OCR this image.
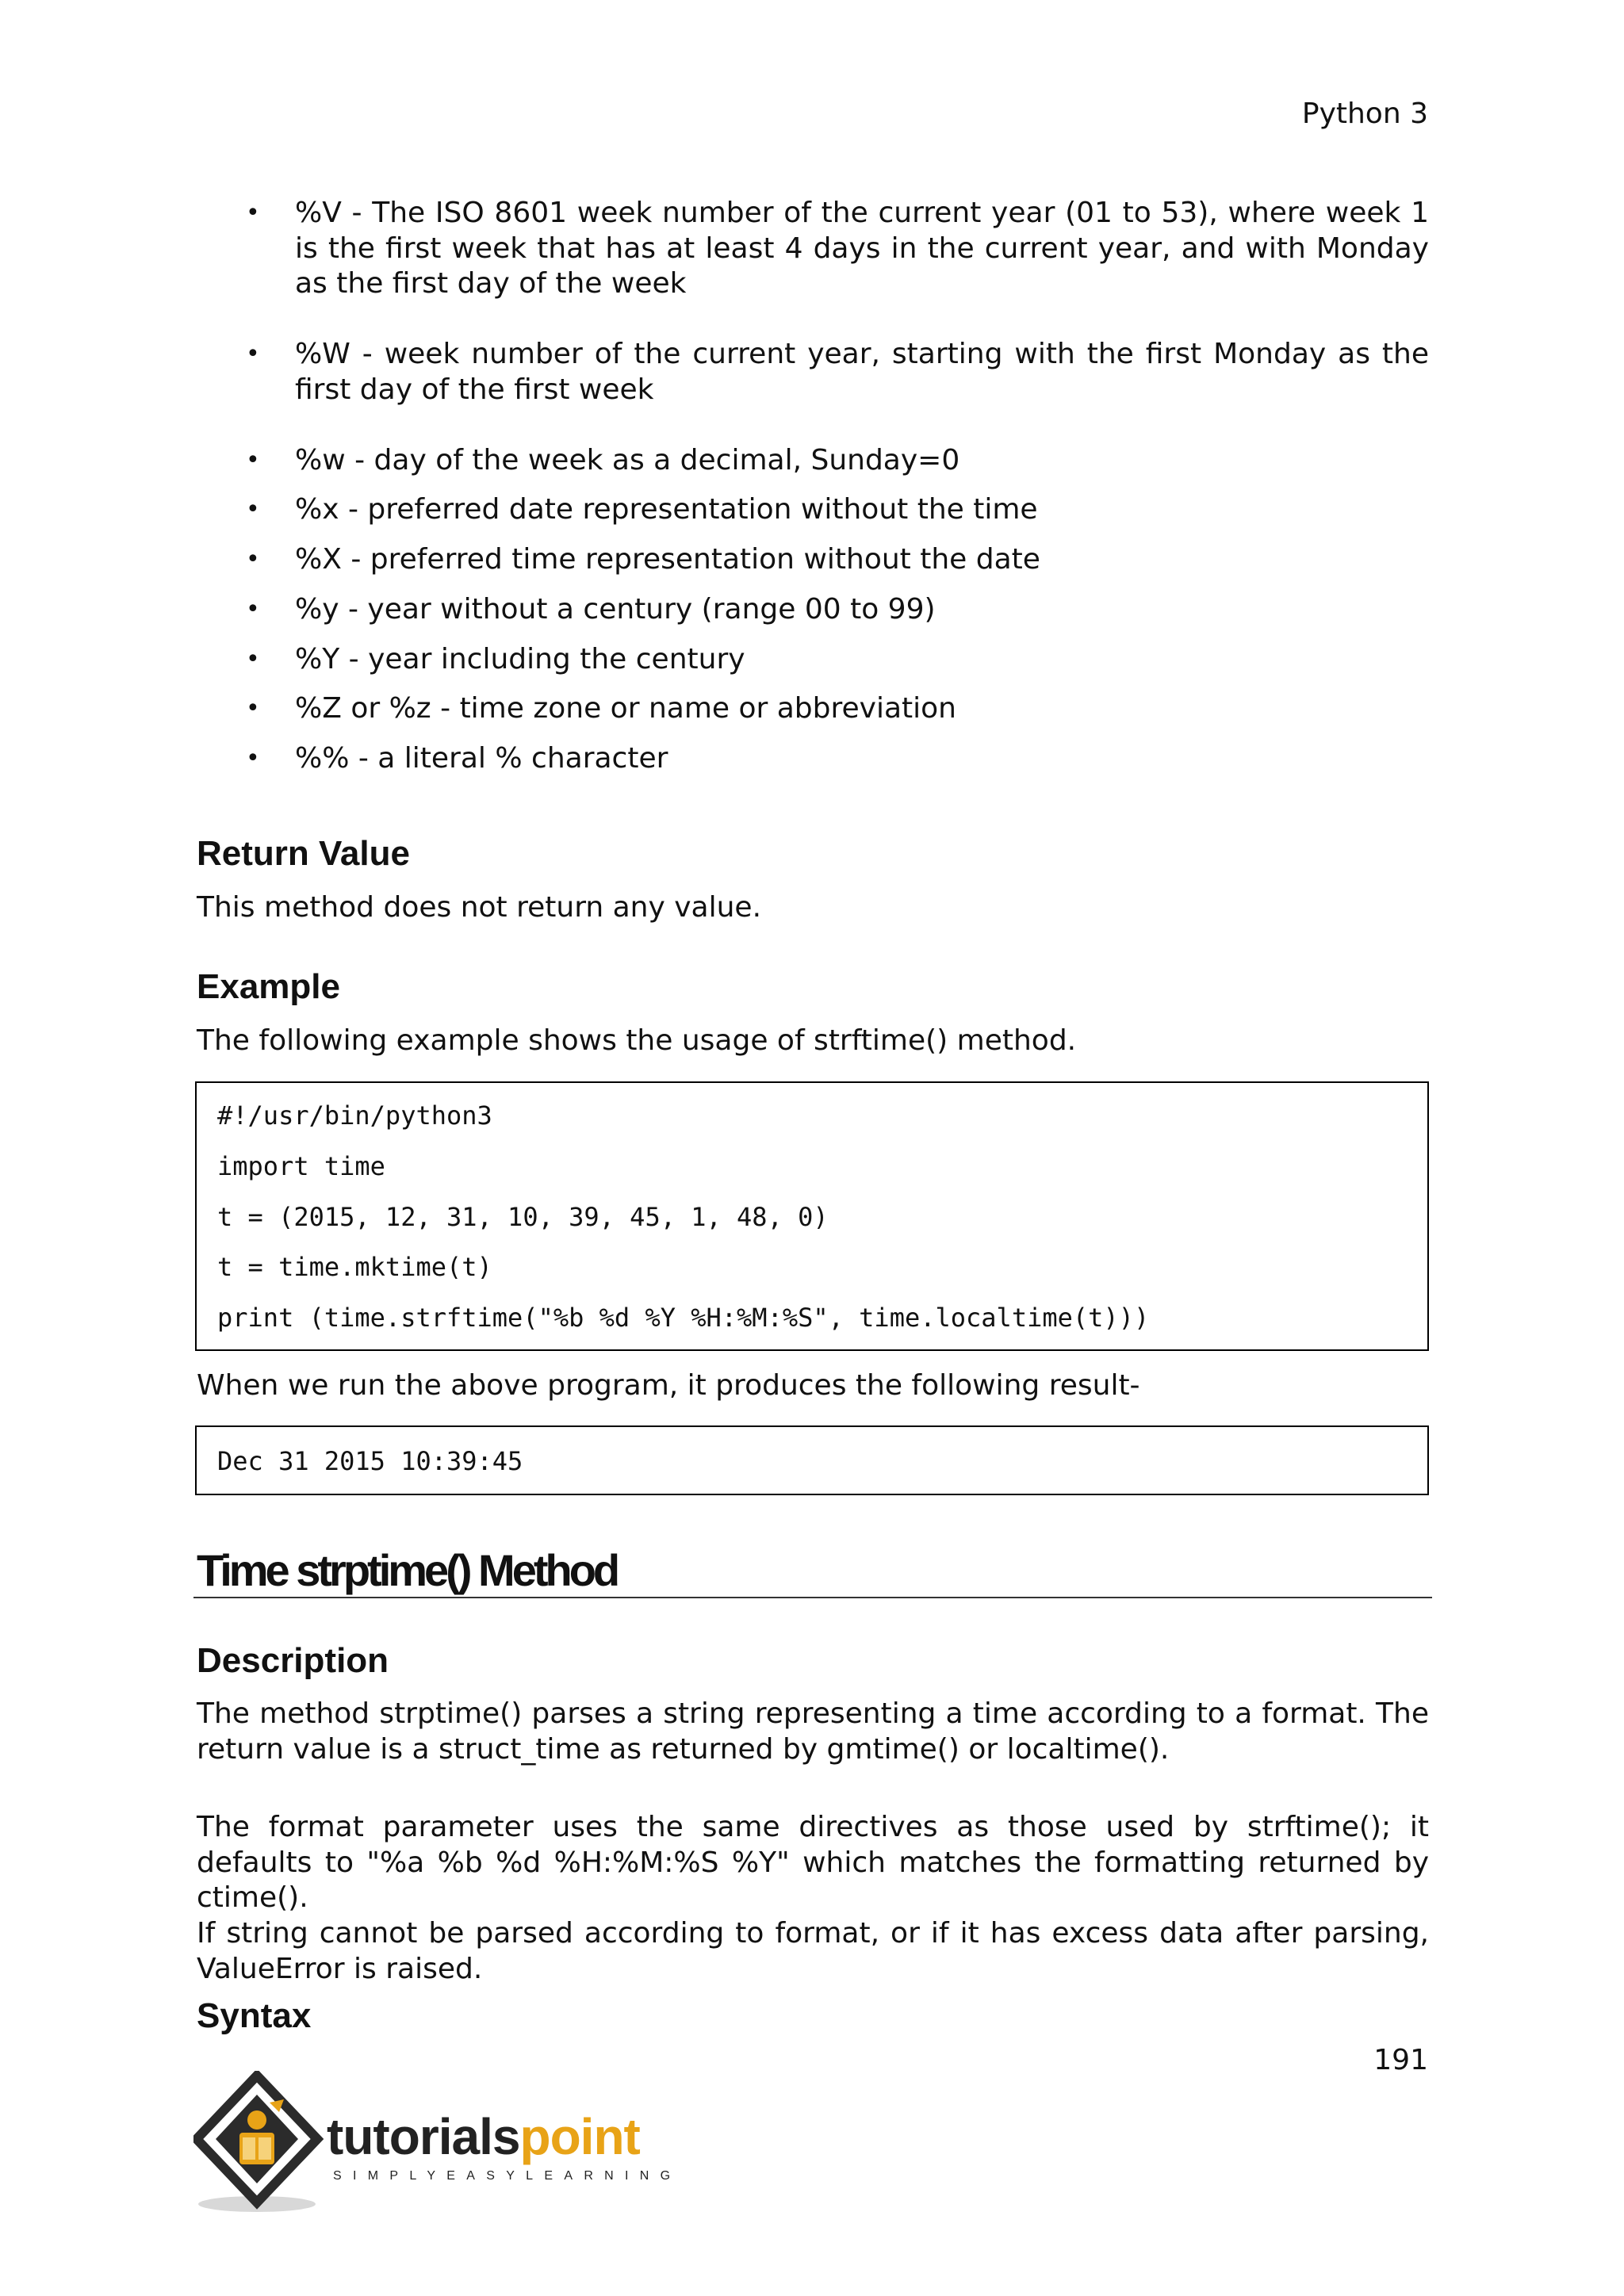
Python 3
• %V - The ISO 8601 week number of the current year (01 to 53), where week 1 is the first week that has at least 4 days in the current year, and with Monday as the first day of the week
• %W - week number of the current year, starting with the first Monday as the first day of the first week
• %w - day of the week as a decimal, Sunday=0
• %x - preferred date representation without the time
• %X - preferred time representation without the date
• %y - year without a century (range 00 to 99)
• %Y - year including the century
• %Z or %z - time zone or name or abbreviation
• %% - a literal % character
Return Value
This method does not return any value.
Example
The following example shows the usage of strftime() method.
#!/usr/bin/python3
import time
t = (2015, 12, 31, 10, 39, 45, 1, 48, 0)
t = time.mktime(t)
print (time.strftime("%b %d %Y %H:%M:%S", time.localtime(t)))
When we run the above program, it produces the following result-
Dec 31 2015 10:39:45
Time strptime() Method
Description
The method strptime() parses a string representing a time according to a format. The return value is a struct_time as returned by gmtime() or localtime().
The format parameter uses the same directives as those used by strftime(); it defaults to "%a %b %d %H:%M:%S %Y" which matches the formatting returned by ctime().
If string cannot be parsed according to format, or if it has excess data after parsing, ValueError is raised.
Syntax
191
tutorialspoint
SIMPLYEASYLEARNING
